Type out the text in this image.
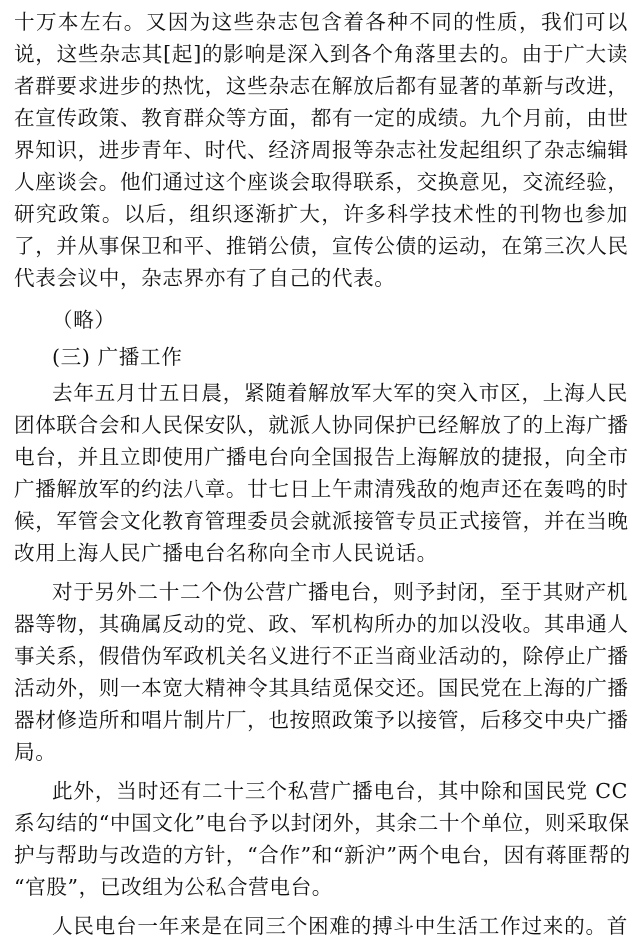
十万本左右。又因为这些杂志包含着各种不同的性质，我们可以
说，这些杂志其[起]的影响是深入到各个角落里去的。由于广大读
者群要求进步的热忱，这些杂志在解放后都有显著的革新与改进，
在宣传政策、教育群众等方面，都有一定的成绩。九个月前，由世
界知识，进步青年、时代、经济周报等杂志社发起组织了杂志编辑
人座谈会。他们通过这个座谈会取得联系，交换意见，交流经验，
研究政策。以后，组织逐渐扩大，许多科学技术性的刊物也参加
了，并从事保卫和平、推销公债，宣传公债的运动，在第三次人民
代表会议中，杂志界亦有了自己的代表。
（略）
(三) 广播工作
去年五月廿五日晨，紧随着解放军大军的突入市区，上海人民
团体联合会和人民保安队，就派人协同保护已经解放了的上海广播
电台，并且立即使用广播电台向全国报告上海解放的捷报，向全市
广播解放军的约法八章。廿七日上午肃清残敌的炮声还在轰鸣的时
候，军管会文化教育管理委员会就派接管专员正式接管，并在当晚
改用上海人民广播电台名称向全市人民说话。
对于另外二十二个伪公营广播电台，则予封闭，至于其财产机
器等物，其确属反动的党、政、军机构所办的加以没收。其串通人
事关系，假借伪军政机关名义进行不正当商业活动的，除停止广播
活动外，则一本宽大精神令其具结觅保交还。国民党在上海的广播
器材修造所和唱片制片厂，也按照政策予以接管，后移交中央广播
局。
此外，当时还有二十三个私营广播电台，其中除和国民党 CC
系勾结的“中国文化”电台予以封闭外，其余二十个单位，则采取保
护与帮助与改造的方针，“合作”和“新沪”两个电台，因有蒋匪帮的
“官股”，已改组为公私合营电台。
人民电台一年来是在同三个困难的搏斗中生活工作过来的。首
